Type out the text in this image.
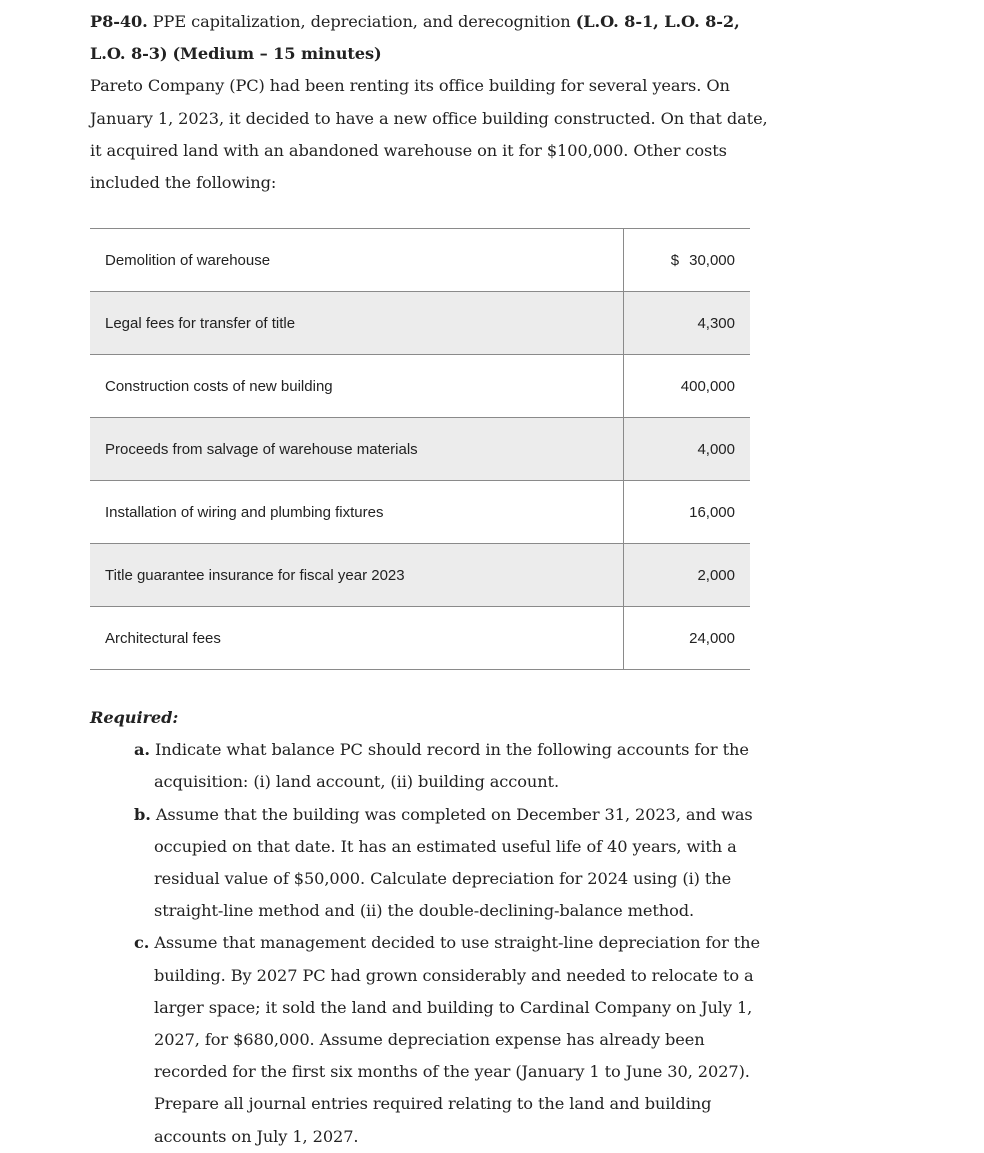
P8-40. PPE capitalization, depreciation, and derecognition (L.O. 8-1, L.O. 8-2, L.O. 8-3) (Medium – 15 minutes)

Pareto Company (PC) had been renting its office building for several years. On January 1, 2023, it decided to have a new office building constructed. On that date, it acquired land with an abandoned warehouse on it for $100,000. Other costs included the following:

Demolition of warehouse	$ 30,000
Legal fees for transfer of title	4,300
Construction costs of new building	400,000
Proceeds from salvage of warehouse materials	4,000
Installation of wiring and plumbing fixtures	16,000
Title guarantee insurance for fiscal year 2023	2,000
Architectural fees	24,000
Required:
a. Indicate what balance PC should record in the following accounts for the acquisition: (i) land account, (ii) building account.
b. Assume that the building was completed on December 31, 2023, and was occupied on that date. It has an estimated useful life of 40 years, with a residual value of $50,000. Calculate depreciation for 2024 using (i) the straight-line method and (ii) the double-declining-balance method.
c. Assume that management decided to use straight-line depreciation for the building. By 2027 PC had grown considerably and needed to relocate to a larger space; it sold the land and building to Cardinal Company on July 1, 2027, for $680,000. Assume depreciation expense has already been recorded for the first six months of the year (January 1 to June 30, 2027). Prepare all journal entries required relating to the land and building accounts on July 1, 2027.
